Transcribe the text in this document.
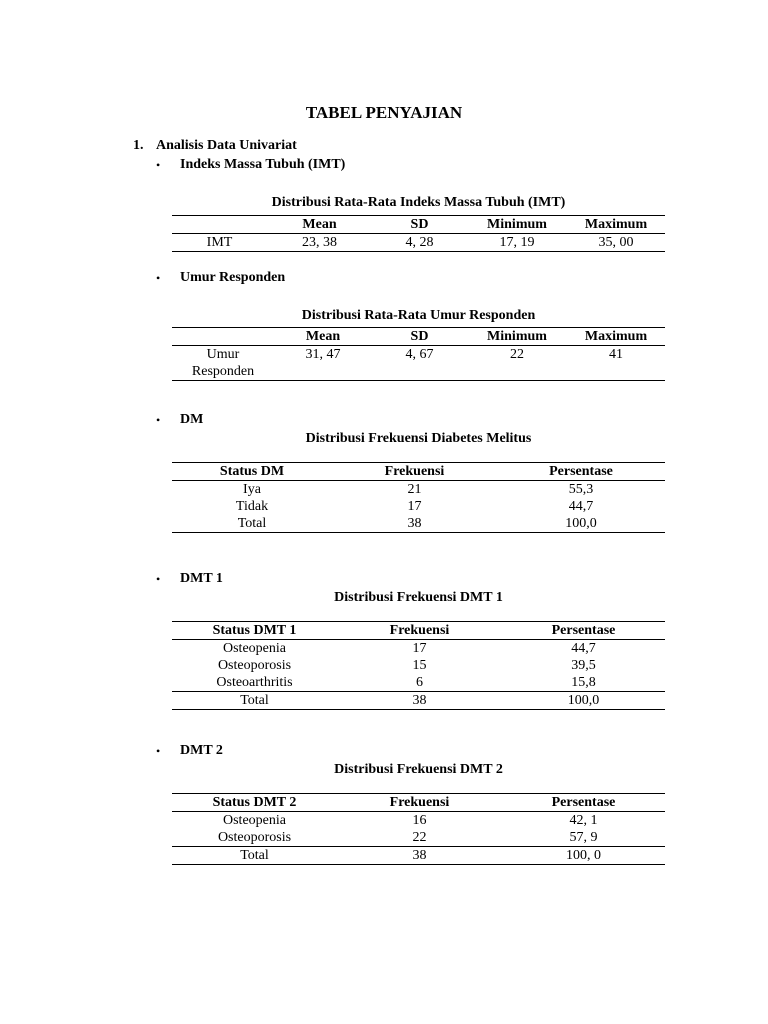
TABEL PENYAJIAN
1. Analisis Data Univariat
• Indeks Massa Tubuh (IMT)
Distribusi Rata-Rata Indeks Massa Tubuh (IMT)
	Mean	SD	Minimum	Maximum
IMT	23, 38	4, 28	17, 19	35, 00
• Umur Responden
Distribusi Rata-Rata Umur Responden
	Mean	SD	Minimum	Maximum

Umur
Responden	31, 47	4, 67	22	41
• DM
Distribusi Frekuensi Diabetes Melitus
Status DM	Frekuensi	Persentase
Iya	21	55,3
Tidak	17	44,7
Total	38	100,0
• DMT 1
Distribusi Frekuensi DMT 1
Status DMT 1	Frekuensi	Persentase
Osteopenia	17	44,7
Osteoporosis	15	39,5
Osteoarthritis	6	15,8
Total	38	100,0
• DMT 2
Distribusi Frekuensi DMT 2
Status DMT 2	Frekuensi	Persentase
Osteopenia	16	42, 1
Osteoporosis	22	57, 9
Total	38	100, 0
